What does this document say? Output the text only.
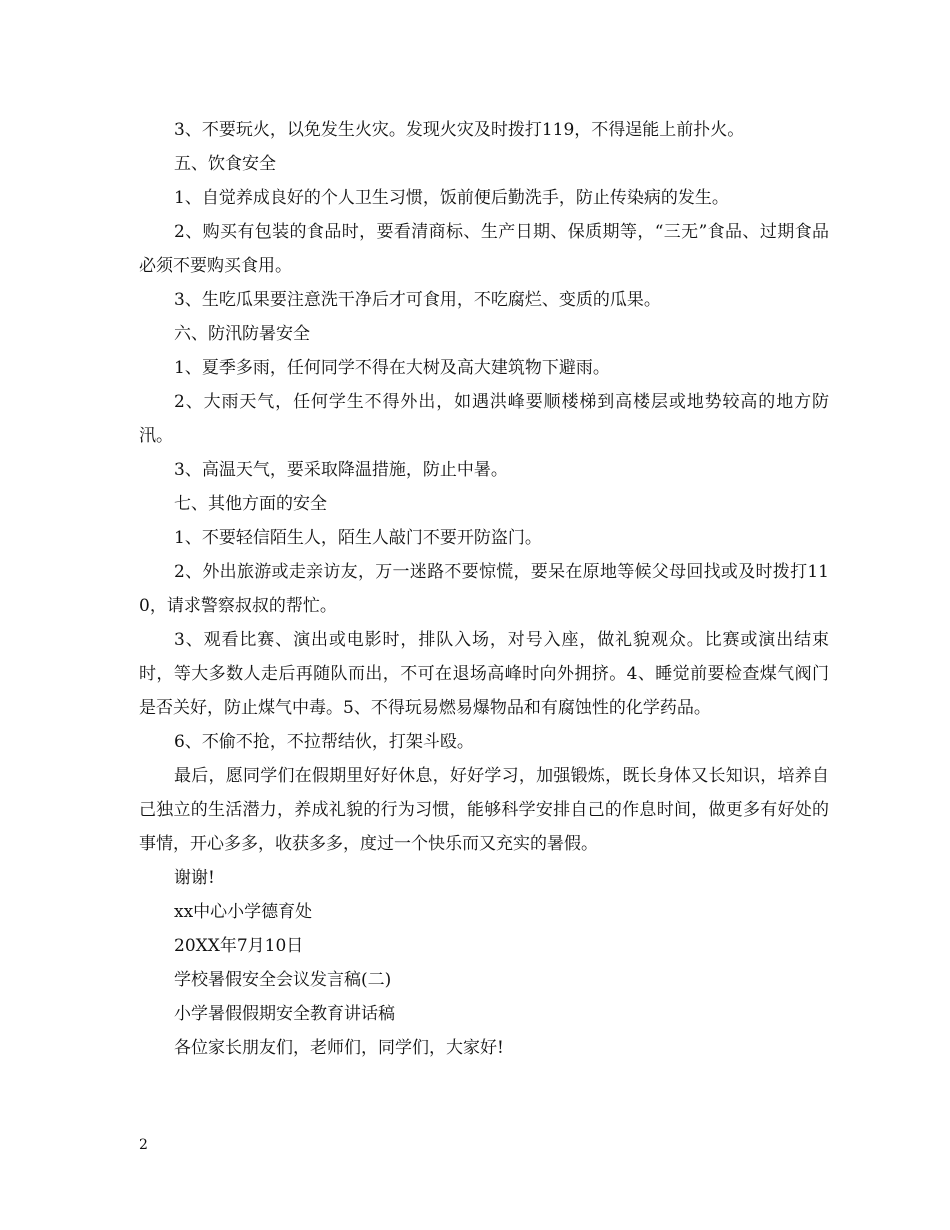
3、不要玩火，以免发生火灾。发现火灾及时拨打119，不得逞能上前扑火。

五、饮食安全

1、自觉养成良好的个人卫生习惯，饭前便后勤洗手，防止传染病的发生。

2、购买有包装的食品时，要看清商标、生产日期、保质期等，“三无”食品、过期食品必须不要购买食用。

3、生吃瓜果要注意洗干净后才可食用，不吃腐烂、变质的瓜果。

六、防汛防暑安全

1、夏季多雨，任何同学不得在大树及高大建筑物下避雨。

2、大雨天气，任何学生不得外出，如遇洪峰要顺楼梯到高楼层或地势较高的地方防汛。

3、高温天气，要采取降温措施，防止中暑。

七、其他方面的安全

1、不要轻信陌生人，陌生人敲门不要开防盗门。

2、外出旅游或走亲访友，万一迷路不要惊慌，要呆在原地等候父母回找或及时拨打110，请求警察叔叔的帮忙。

3、观看比赛、演出或电影时，排队入场，对号入座，做礼貌观众。比赛或演出结束时，等大多数人走后再随队而出，不可在退场高峰时向外拥挤。4、睡觉前要检查煤气阀门是否关好，防止煤气中毒。5、不得玩易燃易爆物品和有腐蚀性的化学药品。

6、不偷不抢，不拉帮结伙，打架斗殴。

最后，愿同学们在假期里好好休息，好好学习，加强锻炼，既长身体又长知识，培养自己独立的生活潜力，养成礼貌的行为习惯，能够科学安排自己的作息时间，做更多有好处的事情，开心多多，收获多多，度过一个快乐而又充实的暑假。

谢谢!

xx中心小学德育处

20XX年7月10日

学校暑假安全会议发言稿(二)

小学暑假假期安全教育讲话稿

各位家长朋友们，老师们，同学们，大家好!

2
